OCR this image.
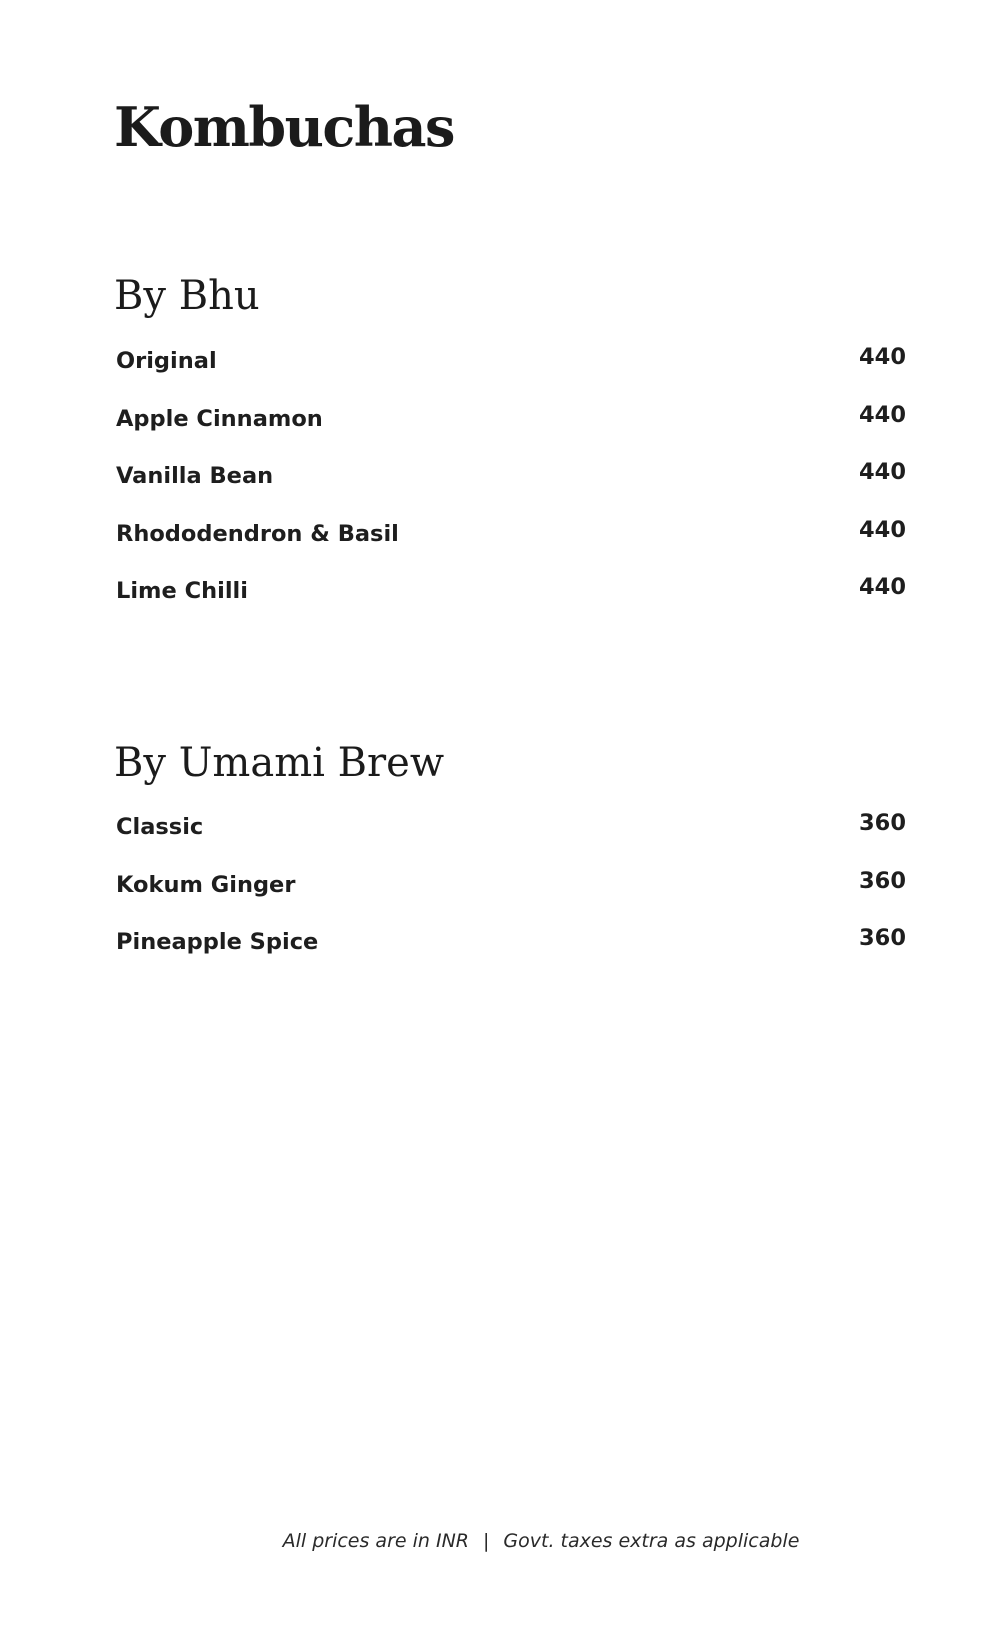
Kombuchas
By Bhu
Original	440
Apple Cinnamon	440
Vanilla Bean	440
Rhododendron & Basil	440
Lime Chilli	440
By Umami Brew
Classic	360
Kokum Ginger	360
Pineapple Spice	360
All prices are in INR | Govt. taxes extra as applicable
